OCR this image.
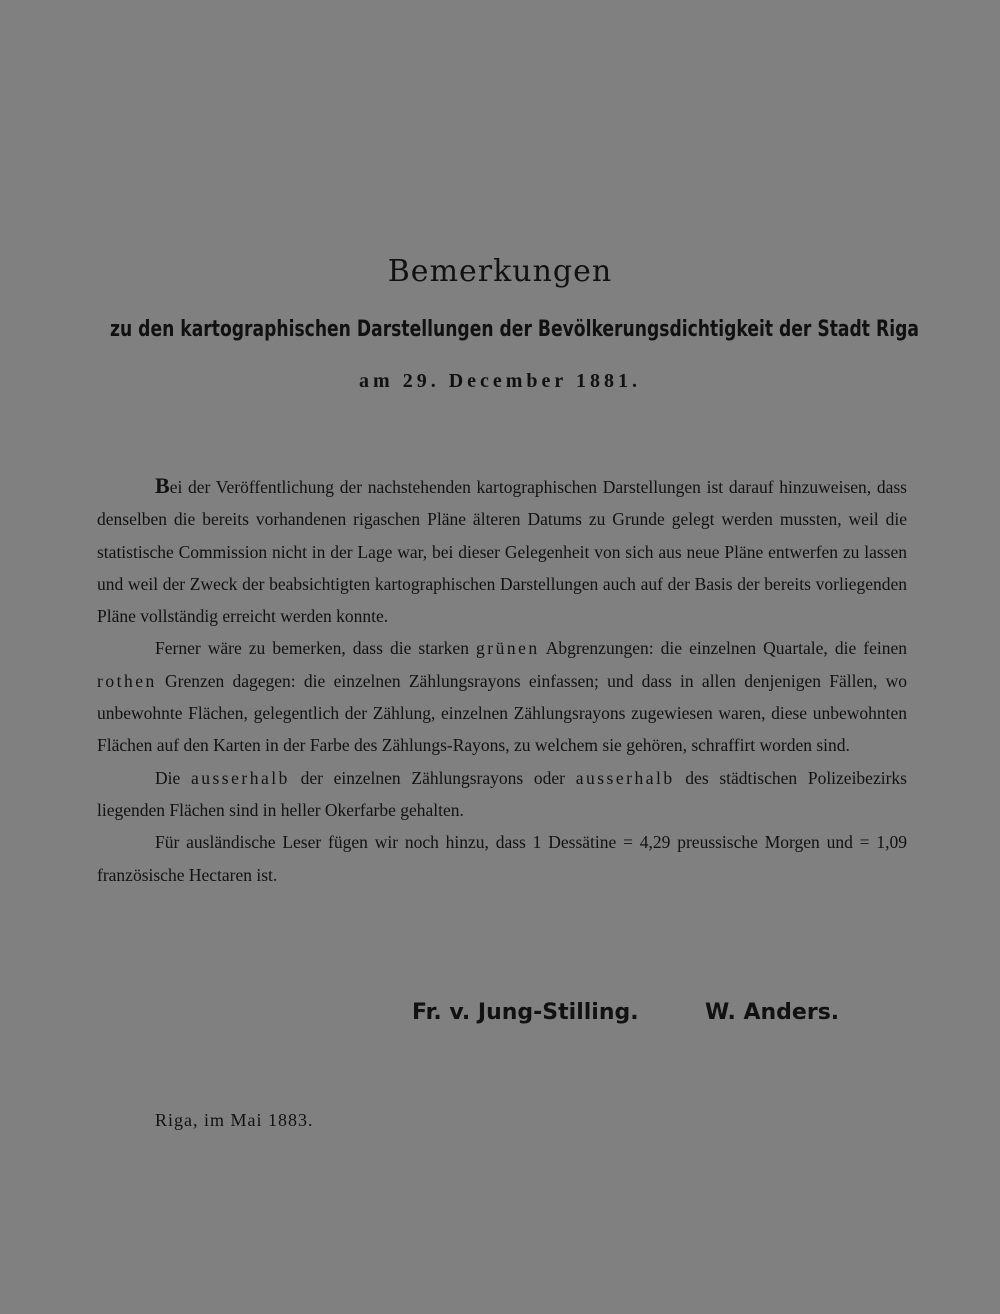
Bemerkungen
zu den kartographischen Darstellungen der Bevölkerungsdichtigkeit der Stadt Riga
am 29. December 1881.

Bei der Veröffentlichung der nachstehenden kartographischen Darstellungen ist darauf hinzuweisen, dass denselben die bereits vorhandenen rigaschen Pläne älteren Datums zu Grunde gelegt werden mussten, weil die statistische Commission nicht in der Lage war, bei dieser Gelegenheit von sich aus neue Pläne entwerfen zu lassen und weil der Zweck der beabsichtigten kartographischen Darstellungen auch auf der Basis der bereits vorliegenden Pläne vollständig erreicht werden konnte.

Ferner wäre zu bemerken, dass die starken grünen Abgrenzungen: die einzelnen Quartale, die feinen rothen Grenzen dagegen: die einzelnen Zählungsrayons einfassen; und dass in allen denjenigen Fällen, wo unbewohnte Flächen, gelegentlich der Zählung, einzelnen Zählungsrayons zugewiesen waren, diese unbewohnten Flächen auf den Karten in der Farbe des Zählungs-Rayons, zu welchem sie gehören, schraffirt worden sind.

Die ausserhalb der einzelnen Zählungsrayons oder ausserhalb des städtischen Polizeibezirks liegenden Flächen sind in heller Okerfarbe gehalten.

Für ausländische Leser fügen wir noch hinzu, dass 1 Dessätine = 4,29 preussische Morgen und = 1,09 französische Hectaren ist.

Fr. v. Jung-Stilling.	W. Anders.
Riga, im Mai 1883.
